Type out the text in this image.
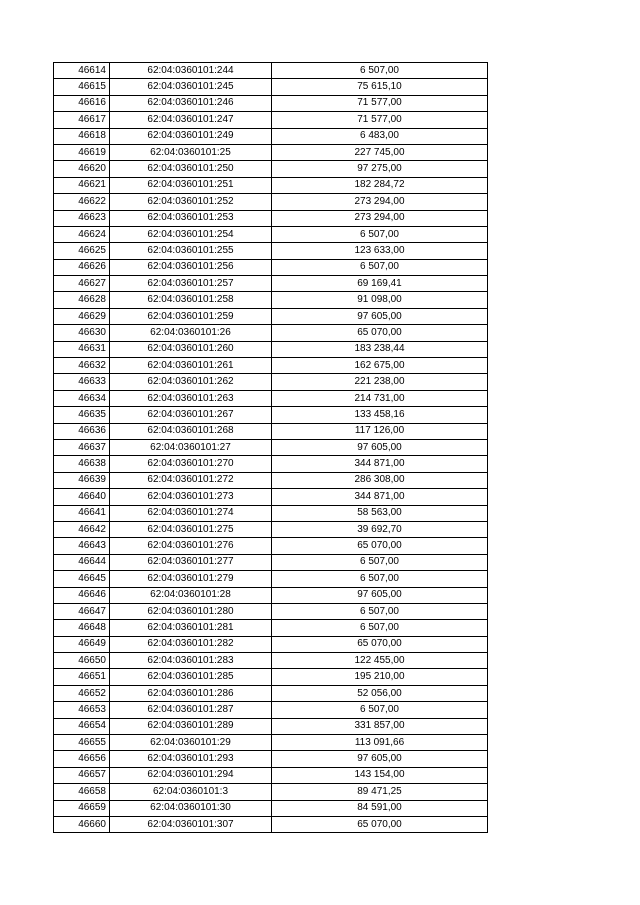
46614	62:04:0360101:244	6 507,00
46615	62:04:0360101:245	75 615,10
46616	62:04:0360101:246	71 577,00
46617	62:04:0360101:247	71 577,00
46618	62:04:0360101:249	6 483,00
46619	62:04:0360101:25	227 745,00
46620	62:04:0360101:250	97 275,00
46621	62:04:0360101:251	182 284,72
46622	62:04:0360101:252	273 294,00
46623	62:04:0360101:253	273 294,00
46624	62:04:0360101:254	6 507,00
46625	62:04:0360101:255	123 633,00
46626	62:04:0360101:256	6 507,00
46627	62:04:0360101:257	69 169,41
46628	62:04:0360101:258	91 098,00
46629	62:04:0360101:259	97 605,00
46630	62:04:0360101:26	65 070,00
46631	62:04:0360101:260	183 238,44
46632	62:04:0360101:261	162 675,00
46633	62:04:0360101:262	221 238,00
46634	62:04:0360101:263	214 731,00
46635	62:04:0360101:267	133 458,16
46636	62:04:0360101:268	117 126,00
46637	62:04:0360101:27	97 605,00
46638	62:04:0360101:270	344 871,00
46639	62:04:0360101:272	286 308,00
46640	62:04:0360101:273	344 871,00
46641	62:04:0360101:274	58 563,00
46642	62:04:0360101:275	39 692,70
46643	62:04:0360101:276	65 070,00
46644	62:04:0360101:277	6 507,00
46645	62:04:0360101:279	6 507,00
46646	62:04:0360101:28	97 605,00
46647	62:04:0360101:280	6 507,00
46648	62:04:0360101:281	6 507,00
46649	62:04:0360101:282	65 070,00
46650	62:04:0360101:283	122 455,00
46651	62:04:0360101:285	195 210,00
46652	62:04:0360101:286	52 056,00
46653	62:04:0360101:287	6 507,00
46654	62:04:0360101:289	331 857,00
46655	62:04:0360101:29	113 091,66
46656	62:04:0360101:293	97 605,00
46657	62:04:0360101:294	143 154,00
46658	62:04:0360101:3	89 471,25
46659	62:04:0360101:30	84 591,00
46660	62:04:0360101:307	65 070,00
